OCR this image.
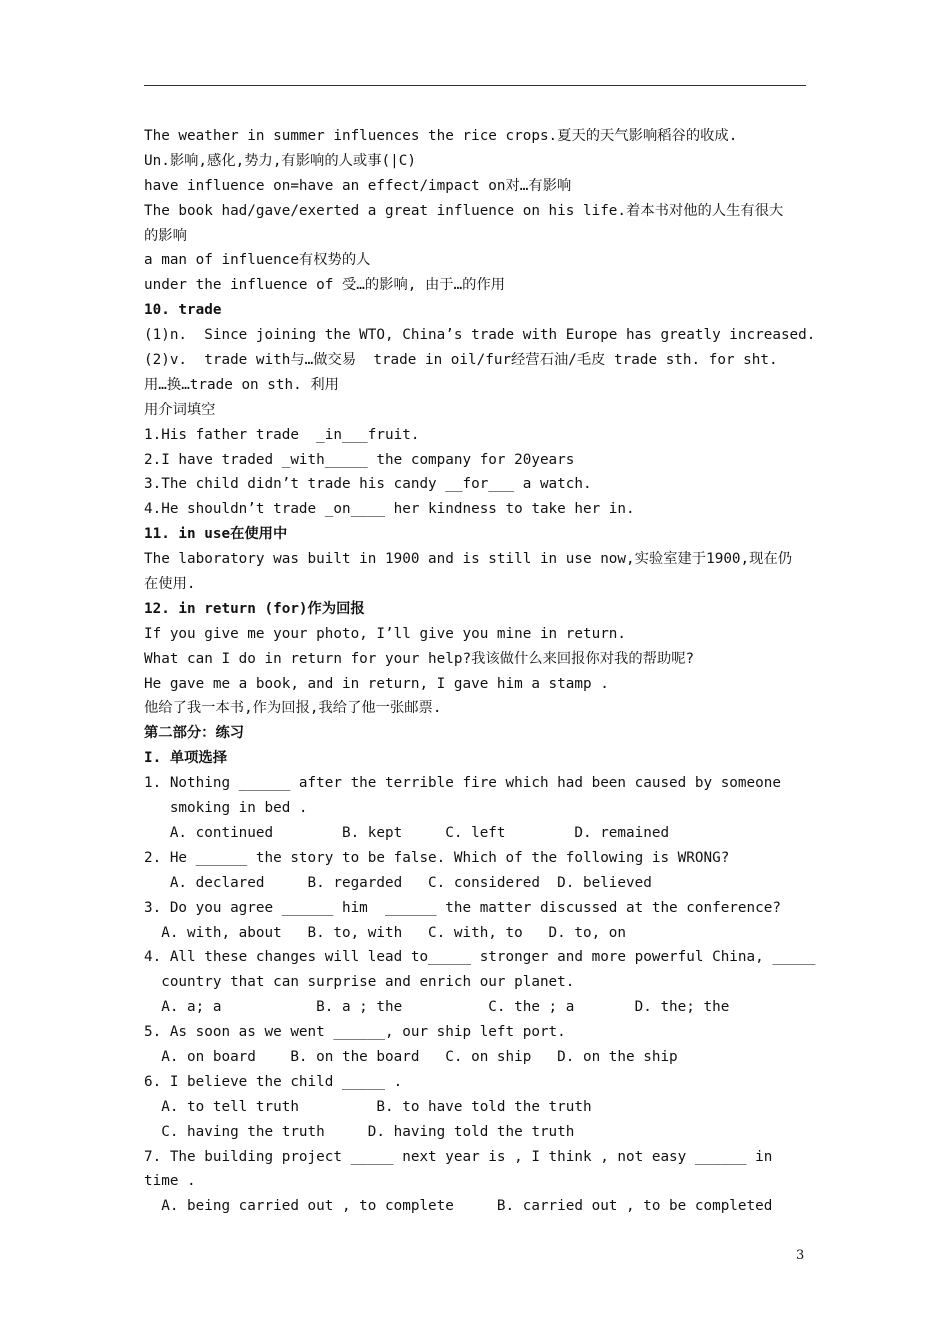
The weather in summer influences the rice crops.夏天的天气影响稻谷的收成.
Un.影响,感化,势力,有影响的人或事(|C)
have influence on=have an effect/impact on对…有影响
The book had/gave/exerted a great influence on his life.着本书对他的人生有很大
的影响
a man of influence有权势的人
under the influence of 受…的影响, 由于…的作用
10. trade
(1)n.  Since joining the WTO, China’s trade with Europe has greatly increased.
(2)v.  trade with与…做交易  trade in oil/fur经营石油/毛皮 trade sth. for sht.
用…换…trade on sth. 利用
用介词填空
1.His father trade  _in___fruit.
2.I have traded _with_____ the company for 20years
3.The child didn’t trade his candy __for___ a watch.
4.He shouldn’t trade _on____ her kindness to take her in.
11. in use在使用中
The laboratory was built in 1900 and is still in use now,实验室建于1900,现在仍
在使用.
12. in return (for)作为回报
If you give me your photo, I’ll give you mine in return.
What can I do in return for your help?我该做什么来回报你对我的帮助呢?
He gave me a book, and in return, I gave him a stamp .
他给了我一本书,作为回报,我给了他一张邮票.
第二部分：练习
I. 单项选择
1. Nothing ______ after the terrible fire which had been caused by someone
smoking in bed .
A. continued        B. kept     C. left        D. remained
2. He ______ the story to be false. Which of the following is WRONG?
A. declared     B. regarded   C. considered  D. believed
3. Do you agree ______ him  ______ the matter discussed at the conference?
A. with, about   B. to, with   C. with, to   D. to, on
4. All these changes will lead to_____ stronger and more powerful China, _____
country that can surprise and enrich our planet.
A. a; a           B. a ; the          C. the ; a       D. the; the
5. As soon as we went ______, our ship left port.
A. on board    B. on the board   C. on ship   D. on the ship
6. I believe the child _____ .
A. to tell truth         B. to have told the truth
C. having the truth     D. having told the truth
7. The building project _____ next year is , I think , not easy ______ in
time .
A. being carried out , to complete     B. carried out , to be completed
3
